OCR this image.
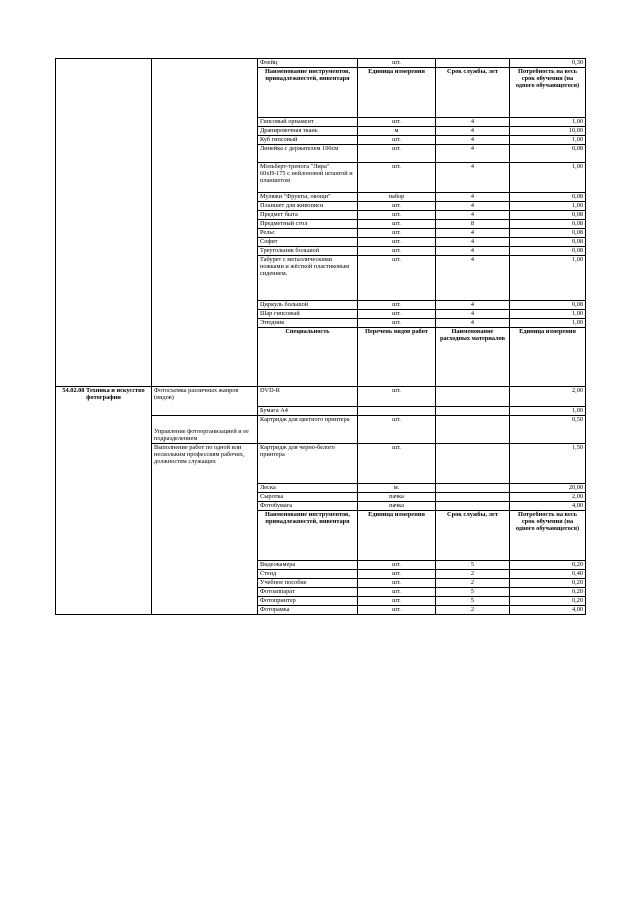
		Флейц	шт.		0,30	
		Наименование инструментов, принадлежностей, инвентаря	Единица измерения	Срок службы, лет	Потребность на весь срок обучения (на одного обучающегося)	
		Гипсовый орнамент	шт.	4	1,00	
		Драпировочная ткань	м	4	10,00	
		Куб гипсовый	шт.	4	1,00	
		Линейка с держателем 100см	шт.	4	0,08	
		Мольберт-тренога "Лира" 60хН-175 с нейлоновой штангой и планшетом	шт.	4	1,00	
		Муляжи "Фрукты, овощи"	набор	4	0,08	
		Планшет для живописи	шт.	4	1,00	
		Предмет быта	шт.	4	0,08	
		Предметный стол	шт.	8	0,08	
		Рельс	шт.	4	0,08	
		Софит	шт.	4	0,08	
		Треугольник большой	шт.	4	0,08	
		Табурет с металлическими ножками и жёсткой пластиковым сидением.	шт.	4	1,00	
		Циркуль большой	шт.	4	0,08	
		Шар гипсовый	шт.	4	1,00	
		Этюдник	шт.	4	1,00	
		Специальность	Перечень видов работ	Наименование расходных материалов	Единица измерения		
54.02.08 Техника и искусство фотографии	Фотосъемка различных жанров (видов)	DVD-R	шт.		2,00	
		Бумага А4			1,00	
	Управление фотоорганизацией и ее подразделением	Картридж для цветного принтера	шт.		0,50	
	Выполнение работ по одной или нескольким профессиям рабочих, должностям служащих	Картридж для черно-белого принтера	шт.		1,50	
		Леска	м.		20,00	
		Сыротка	пачка		2,00	
		Фотобумага	пачка		4,00	
		Наименование инструментов, принадлежностей, инвентаря	Единица измерения	Срок службы, лет	Потребность на весь срок обучения (на одного обучающегося)	
		Видеокамера	шт.	5	0,20	
		Стенд	шт.	2	0,40	
		Учебное пособие	шт.	2	0,20	
		Фотоаппарат	шт.	5	0,20	
		Фотопринтер	шт.	5	0,20	
		Фоторамка	шт.	2	4,00	
